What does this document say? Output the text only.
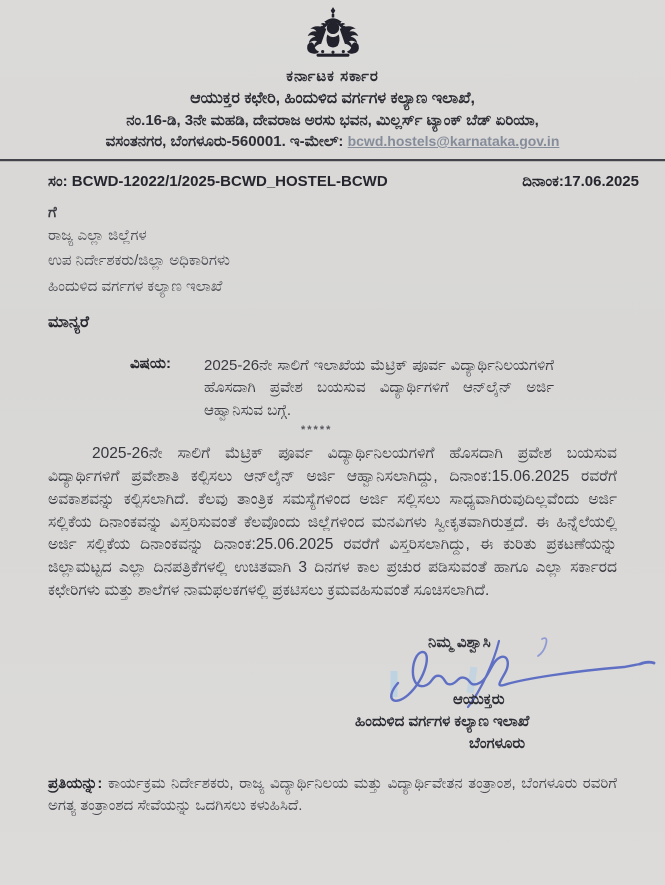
ಕರ್ನಾಟಕ ಸರ್ಕಾರ
ಆಯುಕ್ತರ ಕಛೇರಿ, ಹಿಂದುಳಿದ ವರ್ಗಗಳ ಕಲ್ಯಾಣ ಇಲಾಖೆ,
ನಂ.16-ಡಿ, 3ನೇ ಮಹಡಿ, ದೇವರಾಜ ಅರಸು ಭವನ, ಮಿಲ್ಲರ್ಸ್ ಟ್ಯಾಂಕ್ ಬೆಡ್ ಏರಿಯಾ,
ವಸಂತನಗರ, ಬೆಂಗಳೂರು-560001. ಇ-ಮೇಲ್: bcwd.hostels@karnataka.gov.in
ಸಂ: BCWD-12022/1/2025-BCWD_HOSTEL-BCWD	ದಿನಾಂಕ:17.06.2025
ಗೆ
ರಾಜ್ಯ ಎಲ್ಲಾ ಜಿಲ್ಲೆಗಳ
ಉಪ ನಿರ್ದೇಶಕರು/ಜಿಲ್ಲಾ ಅಧಿಕಾರಿಗಳು
ಹಿಂದುಳಿದ ವರ್ಗಗಳ ಕಲ್ಯಾಣ ಇಲಾಖೆ
ಮಾನ್ಯರೆ
ವಿಷಯ:	2025-26ನೇ ಸಾಲಿಗೆ ಇಲಾಖೆಯ ಮೆಟ್ರಿಕ್ ಪೂರ್ವ ವಿದ್ಯಾರ್ಥಿನಿಲಯಗಳಿಗೆ ಹೊಸದಾಗಿ ಪ್ರವೇಶ ಬಯಸುವ ವಿದ್ಯಾರ್ಥಿಗಳಿಗೆ ಆನ್‌ಲೈನ್ ಅರ್ಜಿ ಆಹ್ವಾನಿಸುವ ಬಗ್ಗೆ.
*****
2025-26ನೇ ಸಾಲಿಗೆ ಮೆಟ್ರಿಕ್ ಪೂರ್ವ ವಿದ್ಯಾರ್ಥಿನಿಲಯಗಳಿಗೆ ಹೊಸದಾಗಿ ಪ್ರವೇಶ ಬಯಸುವ ವಿದ್ಯಾರ್ಥಿಗಳಿಗೆ ಪ್ರವೇಶಾತಿ ಕಲ್ಪಿಸಲು ಆನ್‌ಲೈನ್ ಅರ್ಜಿ ಆಹ್ವಾನಿಸಲಾಗಿದ್ದು, ದಿನಾಂಕ:15.06.2025 ರವರೆಗೆ ಅವಕಾಶವನ್ನು ಕಲ್ಪಿಸಲಾಗಿದೆ. ಕೆಲವು ತಾಂತ್ರಿಕ ಸಮಸ್ಯೆಗಳಿಂದ ಅರ್ಜಿ ಸಲ್ಲಿಸಲು ಸಾಧ್ಯವಾಗಿರುವುದಿಲ್ಲವೆಂದು ಅರ್ಜಿ ಸಲ್ಲಿಕೆಯ ದಿನಾಂಕವನ್ನು ವಿಸ್ತರಿಸುವಂತೆ ಕೆಲವೊಂದು ಜಿಲ್ಲೆಗಳಿಂದ ಮನವಿಗಳು ಸ್ವೀಕೃತವಾಗಿರುತ್ತದೆ. ಈ ಹಿನ್ನೆಲೆಯಲ್ಲಿ ಅರ್ಜಿ ಸಲ್ಲಿಕೆಯ ದಿನಾಂಕವನ್ನು ದಿನಾಂಕ:25.06.2025 ರವರೆಗೆ ವಿಸ್ತರಿಸಲಾಗಿದ್ದು, ಈ ಕುರಿತು ಪ್ರಕಟಣೆಯನ್ನು ಜಿಲ್ಲಾಮಟ್ಟದ ಎಲ್ಲಾ ದಿನಪತ್ರಿಕೆಗಳಲ್ಲಿ ಉಚಿತವಾಗಿ 3 ದಿನಗಳ ಕಾಲ ಪ್ರಚುರ ಪಡಿಸುವಂತೆ ಹಾಗೂ ಎಲ್ಲಾ ಸರ್ಕಾರದ ಕಛೇರಿಗಳು ಮತ್ತು ಶಾಲೆಗಳ ನಾಮಫಲಕಗಳಲ್ಲಿ ಪ್ರಕಟಿಸಲು ಕ್ರಮವಹಿಸುವಂತೆ ಸೂಚಿಸಲಾಗಿದೆ.
ನಿಮ್ಮ ವಿಶ್ವಾಸಿ
ಆಯುಕ್ತರು
ಹಿಂದುಳಿದ ವರ್ಗಗಳ ಕಲ್ಯಾಣ ಇಲಾಖೆ
ಬೆಂಗಳೂರು
ಪ್ರತಿಯನ್ನು: ಕಾರ್ಯಕ್ರಮ ನಿರ್ದೇಶಕರು, ರಾಜ್ಯ ವಿದ್ಯಾರ್ಥಿನಿಲಯ ಮತ್ತು ವಿದ್ಯಾರ್ಥಿವೇತನ ತಂತ್ರಾಂಶ, ಬೆಂಗಳೂರು ರವರಿಗೆ ಅಗತ್ಯ ತಂತ್ರಾಂಶದ ಸೇವೆಯನ್ನು ಒದಗಿಸಲು ಕಳುಹಿಸಿದೆ.
